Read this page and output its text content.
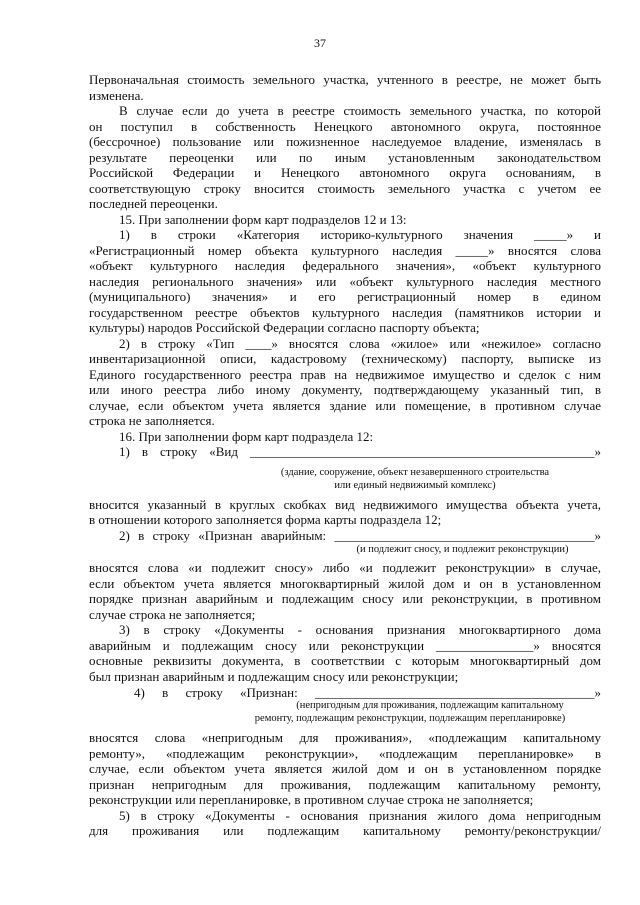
37
Первоначальная стоимость земельного участка, учтенного в реестре, не может быть
изменена.
В случае если до учета в реестре стоимость земельного участка, по которой
он поступил в собственность Ненецкого автономного округа, постоянное
(бессрочное) пользование или пожизненное наследуемое владение, изменялась в
результате переоценки или по иным установленным законодательством
Российской Федерации и Ненецкого автономного округа основаниям, в
соответствующую строку вносится стоимость земельного участка с учетом ее
последней переоценки.
15. При заполнении форм карт подразделов 12 и 13:
1) в строки «Категория историко-культурного значения _____» и
«Регистрационный номер объекта культурного наследия _____» вносятся слова
«объект культурного наследия федерального значения», «объект культурного
наследия регионального значения» или «объект культурного наследия местного
(муниципального) значения» и его регистрационный номер в едином
государственном реестре объектов культурного наследия (памятников истории и
культуры) народов Российской Федерации согласно паспорту объекта;
2) в строку «Тип ____» вносятся слова «жилое» или «нежилое» согласно
инвентаризационной описи, кадастровому (техническому) паспорту, выписке из
Единого государственного реестра прав на недвижимое имущество и сделок с ним
или иного реестра либо иному документу, подтверждающему указанный тип, в
случае, если объектом учета является здание или помещение, в противном случае
строка не заполняется.
16. При заполнении форм карт подраздела 12:
1) в строку «Вид _____________________________________________________»
внoсится указанный в круглых скобках вид недвижимого имущества объекта учета,
в отношении которого заполняется форма карты подраздела 12;
2) в строку «Признан аварийным: ________________________________________»
вносятся слова «и подлежит сносу» либо «и подлежит реконструкции» в случае,
если объектом учета является многоквартирный жилой дом и он в установленном
порядке признан аварийным и подлежащим сносу или реконструкции, в противном
случае строка не заполняется;
3) в строку «Документы - основания признания многоквартирного дома
аварийным и подлежащим сносу или реконструкции _______________» вносятся
основные реквизиты документа, в соответствии с которым многоквартирный дом
был признан аварийным и подлежащим сносу или реконструкции;
4) в строку «Признан: ___________________________________________»
вносятся слова «непригодным для проживания», «подлежащим капитальному
ремонту», «подлежащим реконструкции», «подлежащим перепланировке» в
случае, если объектом учета является жилой дом и он в установленном порядке
признан непригодным для проживания, подлежащим капитальному ремонту,
реконструкции или перепланировке, в противном случае строка не заполняется;
5) в строку «Документы - основания признания жилого дома непригодным
для проживания или подлежащим капитальному ремонту/реконструкции/
(здание, сооружение, объект незавершенного строительства
или единый недвижимый комплекс)
(и подлежит сносу, и подлежит реконструкции)
(непригодным для проживания, подлежащим капитальному
ремонту, подлежащим реконструкции, подлежащим перепланировке)
